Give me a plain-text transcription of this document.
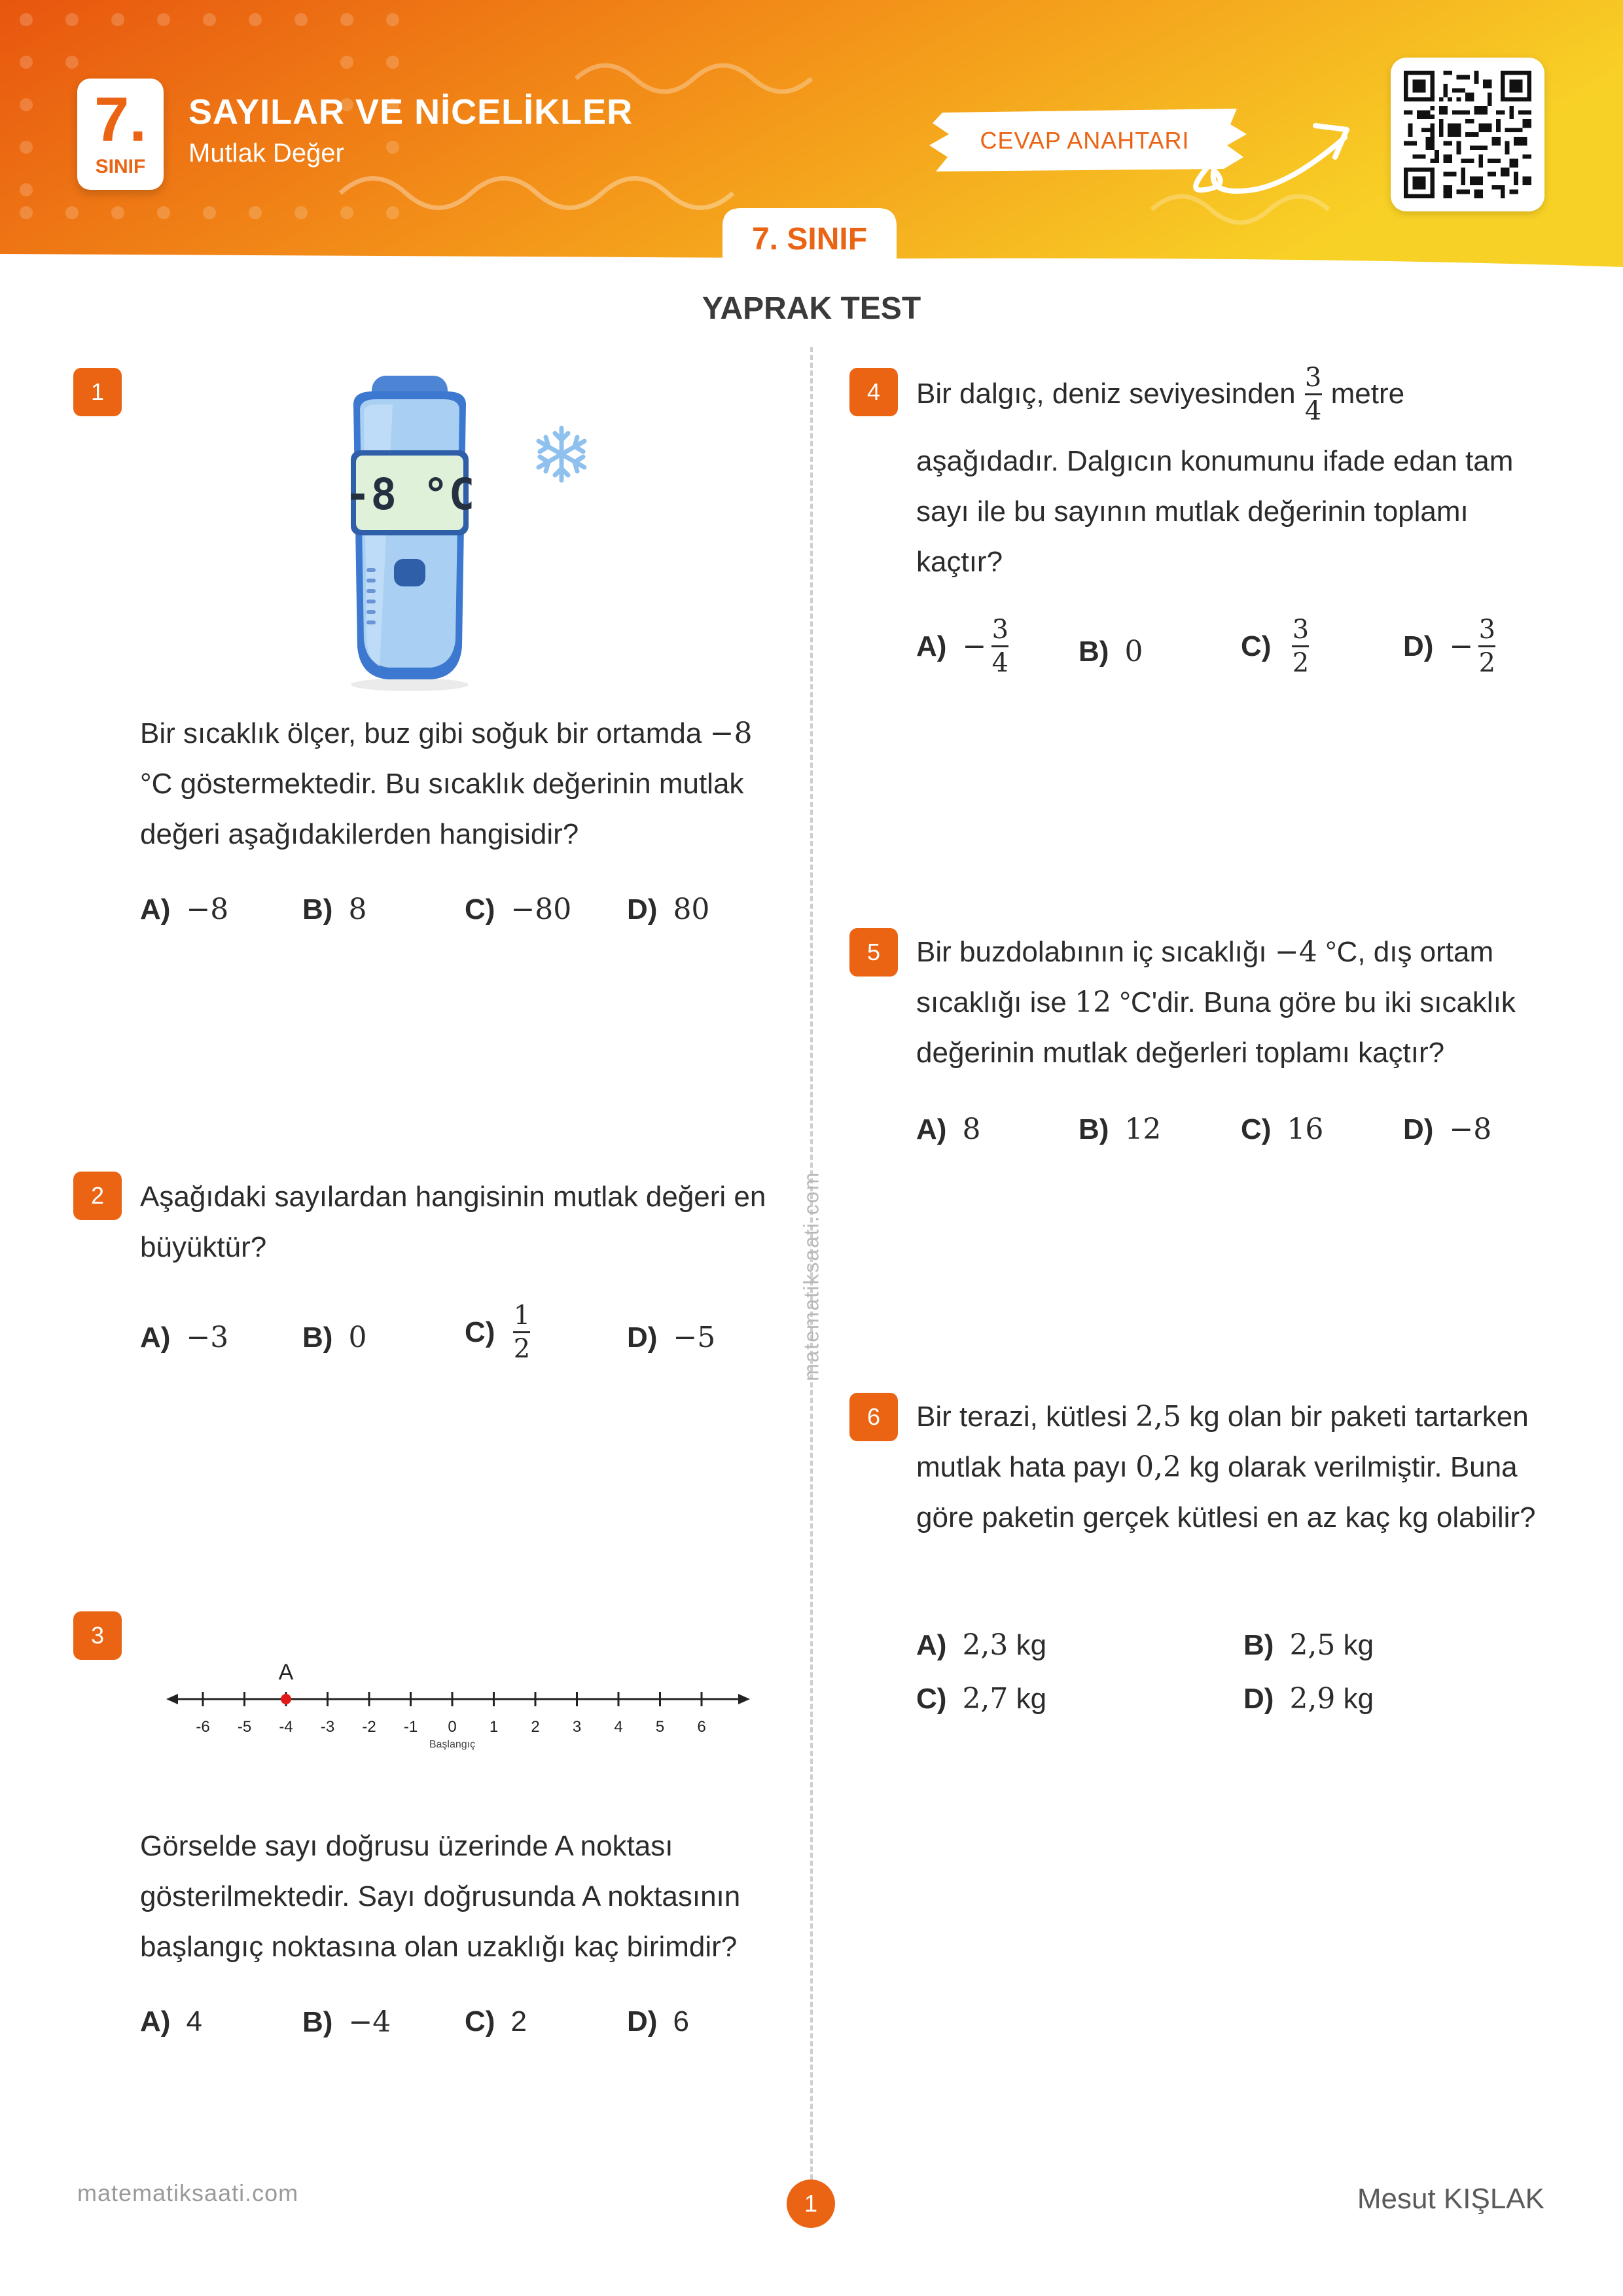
7.
SINIF
SAYILAR VE NİCELİKLER
Mutlak Değer	CEVAP ANAHTARI
7. SINIF
YAPRAK TEST
matematiksaati.com
1
-8 °C
Bir sıcaklık ölçer, buz gibi soğuk bir ortamda −8 °C göstermektedir. Bu sıcaklık değerinin mutlak değeri aşağıdakilerden hangisidir?
A) −8	B) 8	C) −80 D) 80
2	Aşağıdaki sayılardan hangisinin mutlak değeri en büyüktür?
A) −3	B) 0	$C) \frac{1}{2}$	D) −5
3
-6 -5 -4 -3 -2 -1 0 1 2 3 4 5 6
A
Başlangıç
Görselde sayı doğrusu üzerinde A noktası gösterilmektedir. Sayı doğrusunda A noktasının başlangıç noktasına olan uzaklığı kaç birimdir?
A) 4	B) −4	C) 2	D) 6
4	Bir dalgıç, deniz seviyesinden $\frac{3}{4}$ metre
aşağıdadır. Dalgıcın konumunu ifade edan tam sayı ile bu sayının mutlak değerinin toplamı kaçtır?
$A) - \frac{3}{4} B$) 0	$C) \frac{3}{2}$	$D) - \frac{3}{2}$
5	Bir buzdolabının iç sıcaklığı −4 °C, dış ortam sıcaklığı ise 12 °C'dir. Buna göre bu iki sıcaklık değerinin mutlak değerleri toplamı kaçtır?
A) 8	B) 12	C) 16	D) −8
6	Bir terazi, kütlesi 2,5 kg olan bir paketi tartarken mutlak hata payı 0,2 kg olarak verilmiştir. Buna göre paketin gerçek kütlesi en az kaç kg olabilir?
A) 2,3 kg	B) 2,5 kg
C) 2,7 kg	D) 2,9 kg
matematiksaati.com	1	Mesut KIŞLAK
